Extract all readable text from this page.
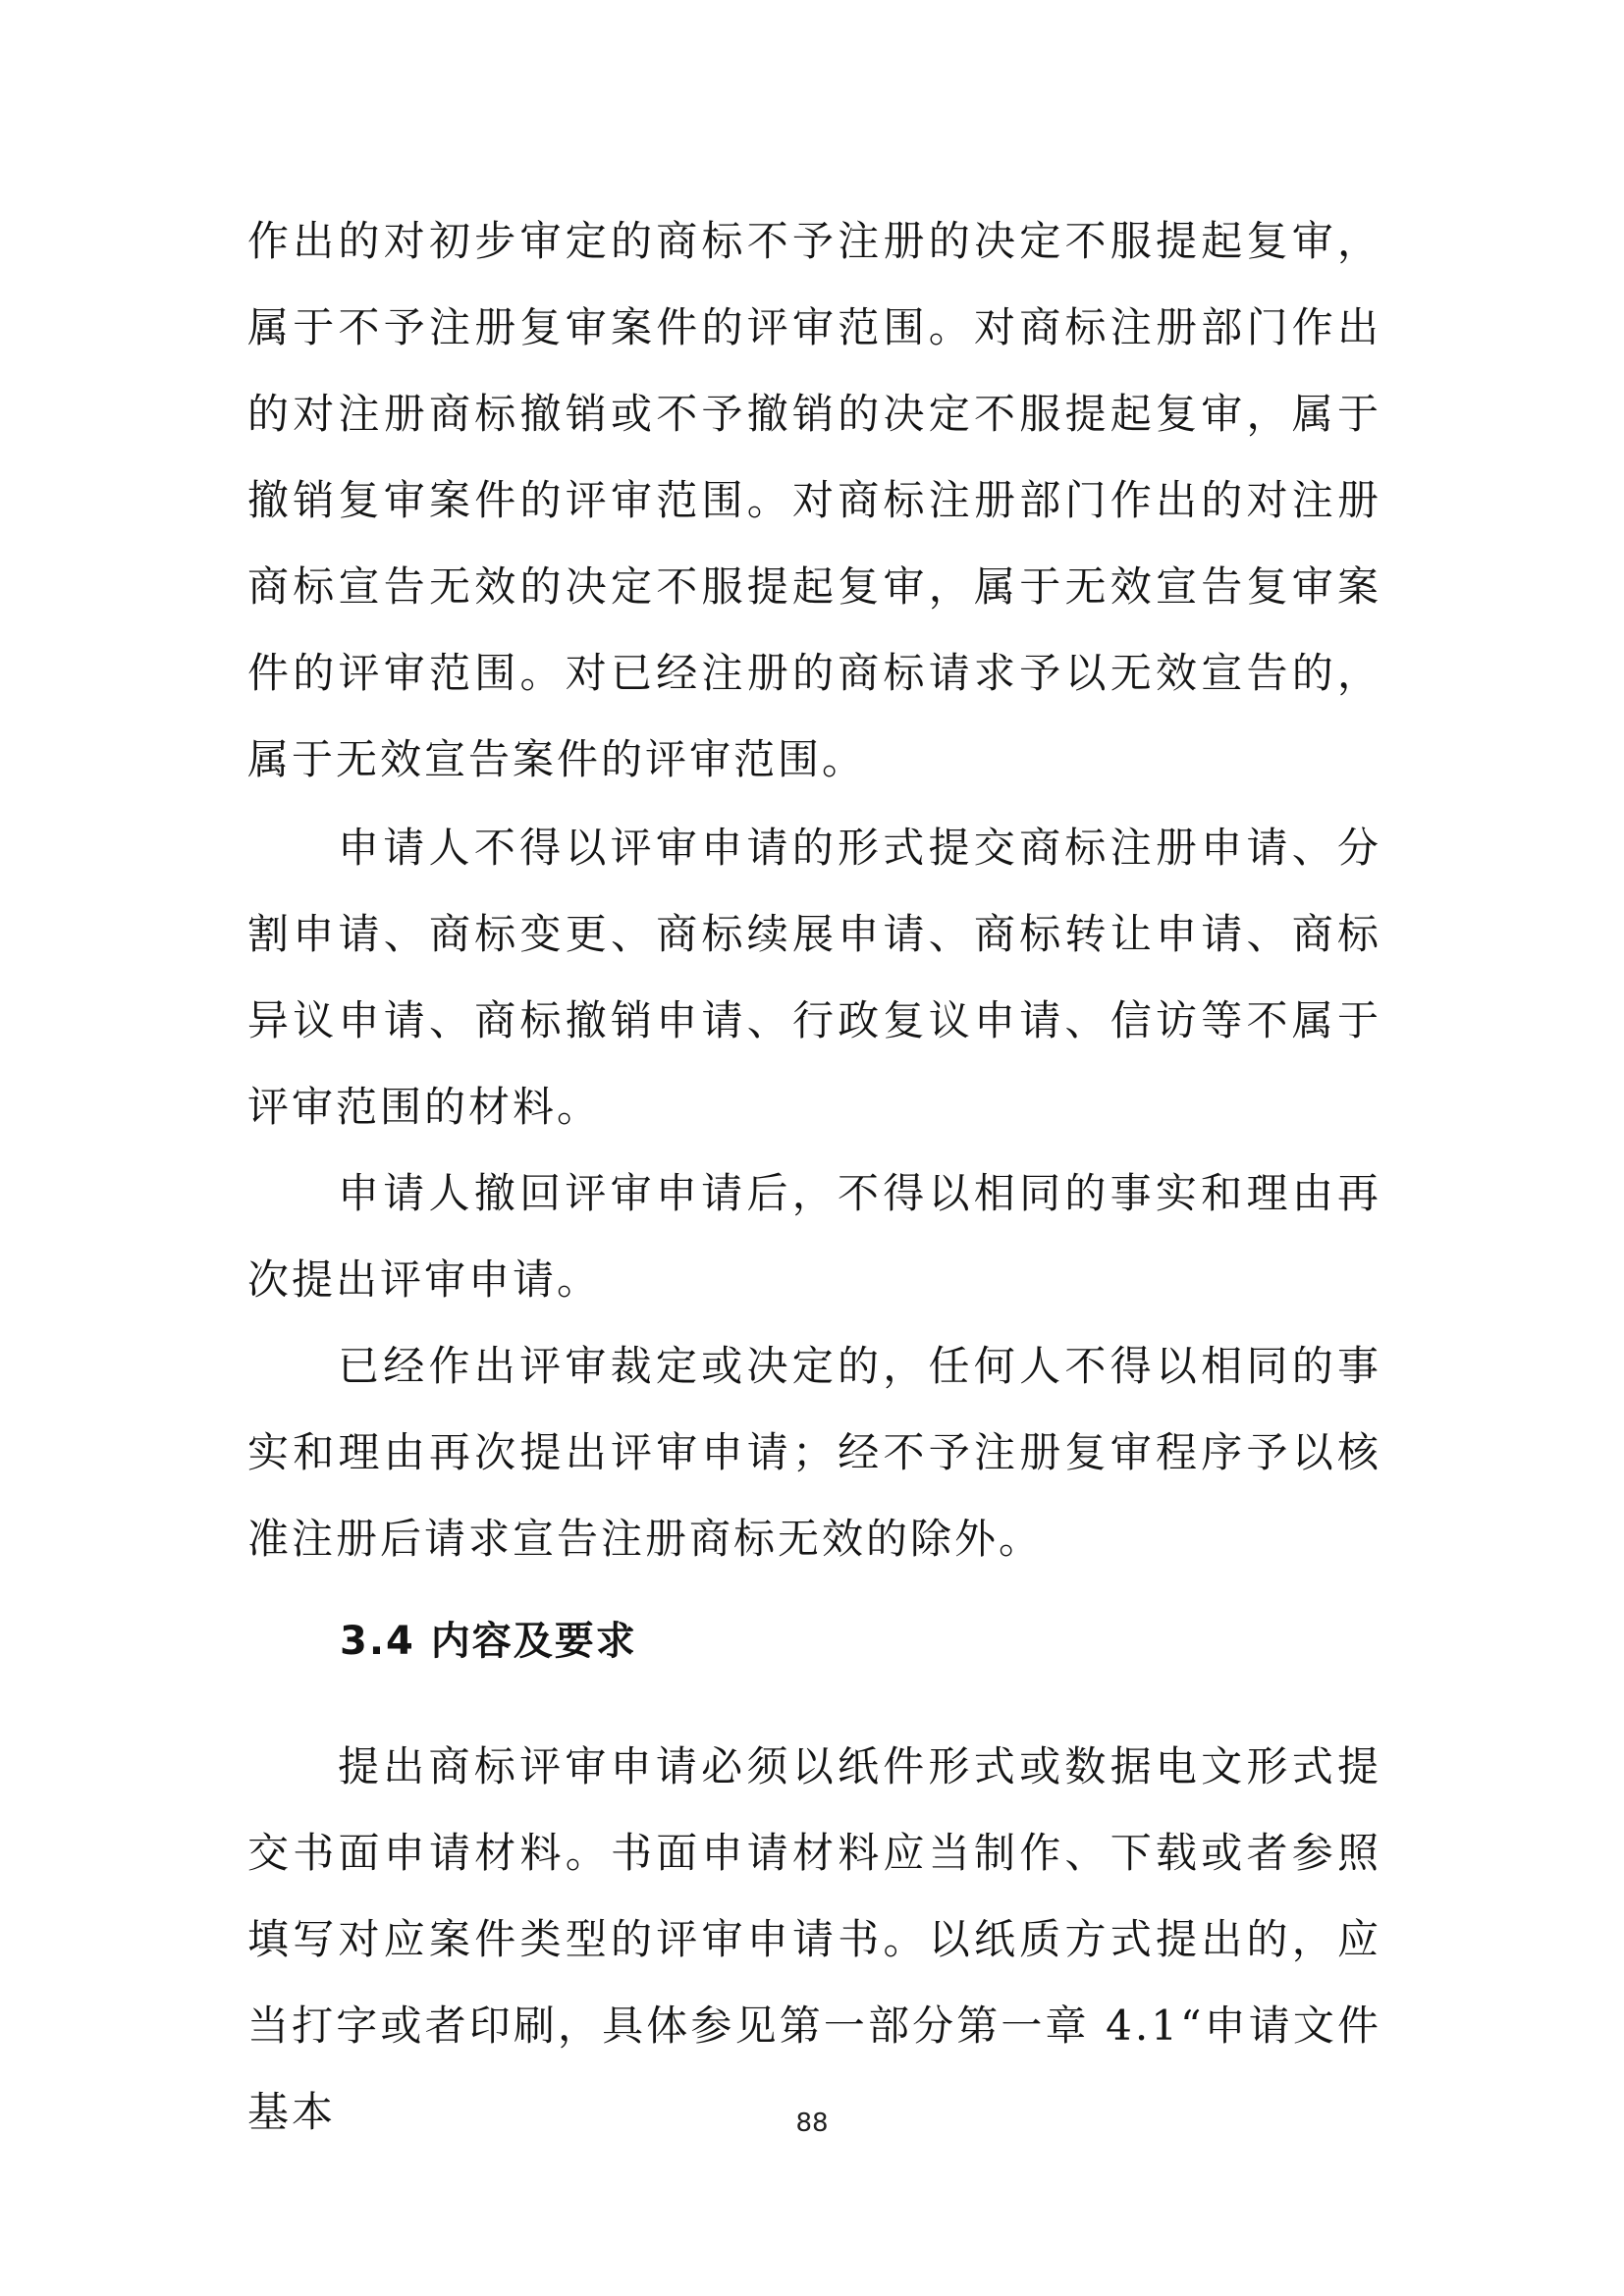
作出的对初步审定的商标不予注册的决定不服提起复审，属于不予注册复审案件的评审范围。对商标注册部门作出的对注册商标撤销或不予撤销的决定不服提起复审，属于撤销复审案件的评审范围。对商标注册部门作出的对注册商标宣告无效的决定不服提起复审，属于无效宣告复审案件的评审范围。对已经注册的商标请求予以无效宣告的，属于无效宣告案件的评审范围。

申请人不得以评审申请的形式提交商标注册申请、分割申请、商标变更、商标续展申请、商标转让申请、商标异议申请、商标撤销申请、行政复议申请、信访等不属于评审范围的材料。

申请人撤回评审申请后，不得以相同的事实和理由再次提出评审申请。

已经作出评审裁定或决定的，任何人不得以相同的事实和理由再次提出评审申请；经不予注册复审程序予以核准注册后请求宣告注册商标无效的除外。

3.4 内容及要求

提出商标评审申请必须以纸件形式或数据电文形式提交书面申请材料。书面申请材料应当制作、下载或者参照填写对应案件类型的评审申请书。以纸质方式提出的，应当打字或者印刷，具体参见第一部分第一章 4.1“申请文件基本	88
